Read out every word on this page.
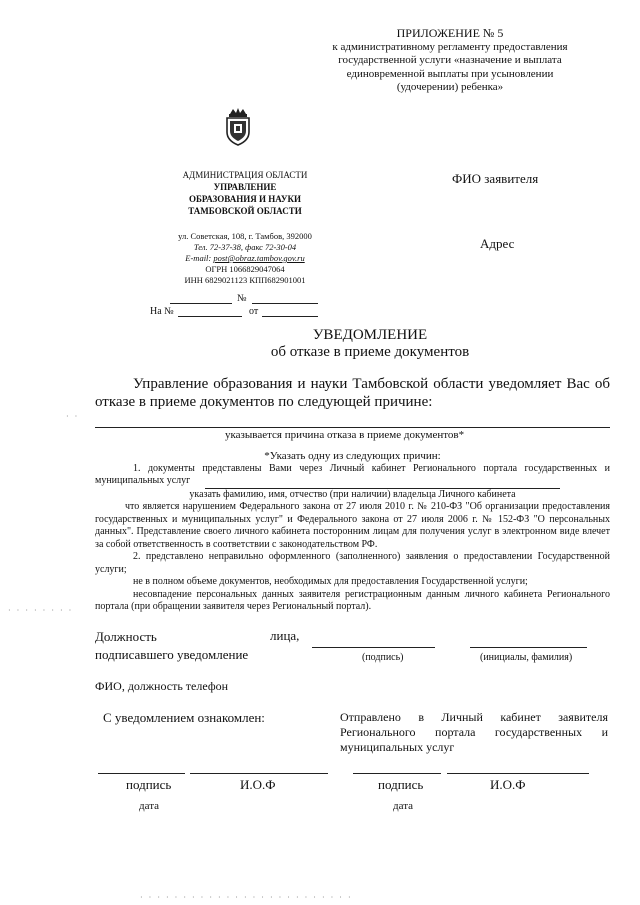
ПРИЛОЖЕНИЕ № 5
к административному регламенту предоставления
государственной услуги «назначение и выплата
единовременной выплаты при усыновлении
(удочерении) ребенка»
АДМИНИСТРАЦИЯ ОБЛАСТИ
УПРАВЛЕНИЕ
ОБРАЗОВАНИЯ И НАУКИ
ТАМБОВСКОЙ ОБЛАСТИ
ул. Советская, 108, г. Тамбов, 392000
Тел. 72-37-38, факс 72-30-04
E-mail: post@obraz.tambov.gov.ru
ОГРН 1066829047064
ИНН 6829021123 КПП682901001
№
На №	от
ФИО заявителя
Адрес
УВЕДОМЛЕНИЕ
об отказе в приеме документов
Управление образования и науки Тамбовской области уведомляет Вас об отказе в приеме документов по следующей причине:
· ·
указывается причина отказа в приеме документов*

*Указать одну из следующих причин:

1. документы представлены Вами через Личный кабинет Регионального портала государственных и муниципальных услуг

указать фамилию, имя, отчество (при наличии) владельца Личного кабинета

что является нарушением Федерального закона от 27 июля 2010 г. № 210-ФЗ "Об организации предоставления государственных и муниципальных услуг" и Федерального закона от 27 июля 2006 г. № 152-ФЗ "О персональных данных". Представление своего личного кабинета посторонним лицам для получения услуг в электронном виде влечет за собой ответственность в соответствии с законодательством РФ.

2. представлено неправильно оформленного (заполненного) заявления о предоставлении Государственной услуги;

не в полном объеме документов, необходимых для предоставления Государственной услуги;

несовпадение персональных данных заявителя регистрационным данным личного кабинета Регионального портала (при обращении заявителя через Региональный портал).

· · · · · · · ·
Должность
подписавшего уведомление
лица,
(подпись)	(инициалы, фамилия)
ФИО, должность телефон
С уведомлением ознакомлен:	Отправлено в Личный кабинет заявителя Регионального портала государственных и муниципальных услуг
подпись	И.О.Ф	подпись	И.О.Ф
дата	дата
· · · · · · · · · · · · · · · · · · · · · · · · ·
